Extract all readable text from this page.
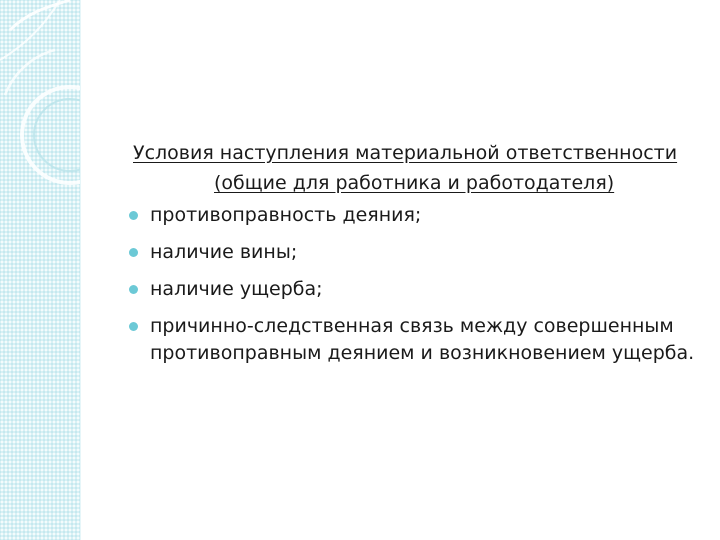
Условия наступления материальной ответственности
(общие для работника и работодателя)
противоправность деяния;
наличие вины;
наличие ущерба;
причинно-следственная связь между совершенным противоправным деянием и возникновением ущерба.
